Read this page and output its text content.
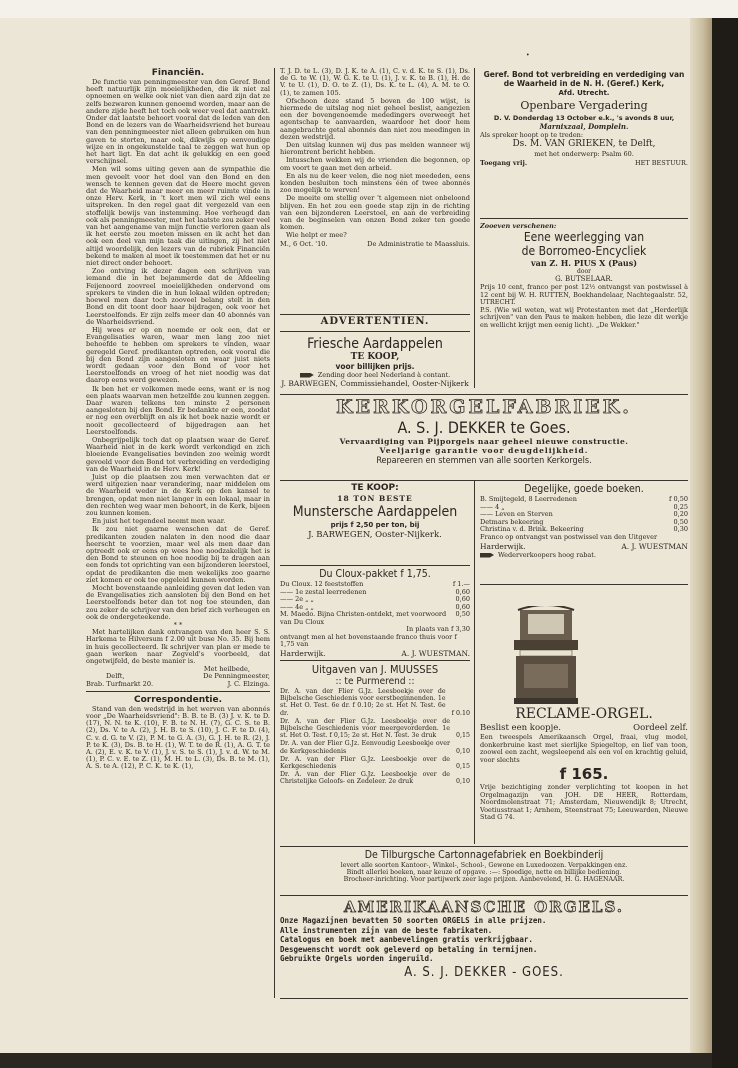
•
Financiën.
De functie van penningmeester van den Geref. Bond heeft natuurlijk zijn moeielijkheden, die ik niet zal opnoemen en welke ook niet van dien aard zijn dat ze zelfs bezwaren kunnen genoemd worden, maar aan de andere zijde heeft het toch ook weer veel dat aantrekt. Onder dat laatste behoort vooral dat de leden van den Bond en de lezers van de Waarheidsvriend het bureau van den penningmeester niet alleen gebruiken om hun gaven te storten, maar ook, dikwijls op eenvoudige wijze en in ongekunstelde taal te zeggen wat hun op het hart ligt. En dat acht ik gelukkig en een goed verschijnsel.
Men wil soms uiting geven aan de sympathie die men gevoelt voor het doel van den Bond en den wensch te kennen geven dat de Heere mocht geven dat de Waarheid maar meer en meer ruimte vinde in onze Herv. Kerk, in 't kort men wil zich wel eens uitspreken. In den regel gaat dit vergezeld van een stoffelijk bewijs van instemming. Hoe verheugd dan ook als penningmeester, met het laatste zou zeker veel van het aangename van mijn functie verloren gaan als ik het eerste zou moeten missen en ik acht het dan ook een deel van mijn taak die uitingen, zij het niet altijd woordelijk, den lezers van de rubriek Financiën bekend te maken al moet ik toestemmen dat het er nu niet direct onder behoort.
Zoo ontving ik dezer dagen een schrijven van iemand die in het bejammerde dat de Afdeeling Feijenoord zoovreel moeielijkheden ondervond om sprekers te vinden die in hun lokaal wilden optreden; hoewel men daar toch zooveel belang stelt in den Bond en dit toont door haar bijdragen, ook voor het Leerstoelfonds. Er zijn zelfs meer dan 40 abonnés van de Waarheidsvriend.
Hij wees er op en noemde er ook een, dat er Evangelisaties waren, waar men lang zoo niet behoefde te hebben om sprekers te vinden, waar geregeld Geref. predikanten optreden, ook vooral die bij den Bond zijn aangesloten en waar juist niets wordt gedaan voor den Bond of voor het Leerstoelfonds en vroeg of het niet noodig was dat daarop eens werd gewezen.
Ik ben het er volkomen mede eens, want er is nog een plaats waarvan men hetzelfde zou kunnen zeggen. Daar waren telkens ten minste 2 personen aangesloten bij den Bond. Er bedankte er een, zoodat er nog een overblijft en als ik het boek nazie wordt er nooit gecollecteerd of bijgedragen aan het Leerstoelfonds.
Onbegrijpelijk toch dat op plaatsen waar de Geref. Waarheid niet in de kerk wordt verkondigd en zich bloeiende Evangelisaties bevinden zoo weinig wordt gevoeld voor den Bond tot verbreiding en verdediging van de Waarheid in de Herv. Kerk!
Juist op die plaatsen zou men verwachten dat er werd uitgezien naar verandering, naar middelen om de Waarheid weder in de Kerk op den kansel te brengen, opdat men niet langer in een lokaal, maar in den rechten weg waar men behoort, in de Kerk, bijeen zou kunnen komen.
En juist het tegendeel neemt men waar.
Ik zou niet gaarne wenschen dat de Geref. predikanten zouden nalaten in den nood die daar heerscht te voorzien, maar wel als men daar dan optreedt ook er eens op wees hoe noodzakelijk het is den Bond te steunen en hoe noodig bij te dragen aan een fonds tot oprichting van een bijzonderen leerstoel, opdat de predikanten die men wekelijks zoo gaarne ziet komen er ook toe opgeleid kunnen worden.
Mocht bovenstaande aanleiding geven dat leden van de Evangelisaties zich aansloten bij den Bond en het Leerstoelfonds beter dan tot nog toe steunden, dan zou zeker de schrijver van den brief zich verheugen en ook de ondergeteekende.
* *
Met hartelijken dank ontvangen van den heer S. S. Harkema te Hilversum f 2.00 uit buse No. 35. Bij hem in huis gecollecteerd. Ik schrijver van plan er mede te gaan werken naar Zegveld's voorbeeld, dat ongetwijfeld, de beste manier is.
Met heilbede,
Delft,	De Penningmeester,
Brab. Turfmarkt 20.	J. C. Elzinga.
Correspondentie.
Stand van den wedstrijd in het werven van abonnés voor „De Waarheidsvriend": B. B. te B. (3) J. v. K. te D. (17), N. N. te K. (10), F. B. te N. H. (7), G. C. S. te B. (2), Ds. V. te A. (2), J. H. B. te S. (10), J. C. F. te D. (4), C. v. d. G. te V. (2), P. M. te G. A. (3), G. J. H. te R. (2), J. P. te K. (3), Ds. B. te H. (1), W. T. te de R. (1), A. G. T. te A. (2), E. v. K. te V. (1), J. v. S. te S. (1), J. v. d. W. te M. (1), P. C. v. E. te Z. (1), M. H. te L. (3), Ds. B. te M. (1), A. S. te A. (12), P. C. K. te K. (1),
T. J. D. te L. (3), D. J. K. te A. (1), C. v. d. K. te S. (1), Ds. de G. te W. (1), W. G. K. te U. (1), J. v. K. te B. (1), H. de V. te U. (1), D. O. te Z. (1), Ds. K. te L. (4), A. M. te O. (1), te zamen 105.
Ofschoon deze stand 5 boven de 100 wijst, is hiermede de uitslag nog niet geheel beslist, aangezien een der bovengenoemde mededingers overweegt het agentschap te aanvaarden, waardoor het door hem aangebrachte getal abonnés dan niet zou meedingen in dezen wedstrijd.
Den uitslag kunnen wij dus pas melden wanneer wij hieromtrent bericht hebben.
Intusschen wekken wij de vrienden die begonnen, op om voort te gaan met den arbeid.
En als nu de keer velen, die nog niet meededen, eens konden besluiten toch minstens één of twee abonnés zoo mogelijk te werven!
De moeite om stellig over 't algemeen niet onbeloond blijven. En het zou een goede stap zijn in de richting van een bijzonderen Leerstoel, en aan de verbreiding van de beginselen van onzen Bond zeker ten goede komen.
Wie helpt er mee?
M., 6 Oct. '10.	De Administratie te Maassluis.
ADVERTENTIËN.
Friesche Aardappelen
TE KOOP,
voor billijken prijs.
Zending door heel Nederland à contant.
J. BARWEGEN, Commissiehandel, Ooster-Nijkerk
Geref. Bond tot verbreiding en verdediging van
de Waarheid in de N. H. (Geref.) Kerk,
Afd. Utrecht.
Openbare Vergadering
D. V. Donderdag 13 October e.k., 's avonds 8 uur,
Marnixzaal, Dompleln.
Als spreker hoopt op te treden:
Ds. M. VAN GRIEKEN, te Delft,
met het onderwerp: Psalm 60.
Toegang vrij.	HET BESTUUR.
Zooeven verschenen:
Eene weerlegging van
de Borromeo-Encycliek
van Z. H. PIUS X (Paus)
door
G. BUTSELAAR.
Prijs 10 cent, franco per post 12½ ontvangst van postwissel à 12 cent bij W. H. RUTTEN, Boekhandelaar, Nachtegaalstr. 52, UTRECHT.
P.S. (Wie wil weten, wat wij Protestanten met dat „Herderlijk schrijven" van den Paus te maken hebben, die leze dit werkje en wellicht krijgt men eenig licht). „De Wekker."
KERKORGELFABRIEK.
A. S. J. DEKKER te Goes.
Vervaardiging van Pijporgels naar geheel nieuwe constructie.
Veeljarige garantie voor deugdelijkheid.
Repareeren en stemmen van alle soorten Kerkorgels.
TE KOOP:
18 TON BESTE
Munstersche Aardappelen
prijs f 2,50 per ton, bij
J. BARWEGEN, Ooster-Nijkerk.
Du Cloux-pakket f 1,75.
Du Cloux. 12 feeststoffen	f 1.—
—— 1e zestal leerredenen	0,60
—— 2e „ „	0,60
—— 4e „ „	0,60
M. Maedo. Bijna Christen-ontdekt, met voorwoord van Du Cloux
0,50
In plaats van f 3,30
ontvangt men al het bovenstaande franco thuis voor f 1,75 van
Harderwijk.	A. J. WUESTMAN.
Uitgaven van J. MUUSSES
:: te Purmerend ::
Dr. A. van der Flier G.Jz. Leesboekje over de Bijbelsche Geschiedenis voor eerstbeginnenden. 1e st. Het O. Test. 6e dr. f 0.10; 2e st. Het N. Test. 6e dr.	f 0.10
Dr. A. van der Flier G.Jz. Leesboekje over de Bijbelsche Geschiedenis voor meergevorderden. 1e st. Het O. Test. f 0,15; 2e st. Het N. Test. 3e druk	0,15
Dr. A. van der Flier G.Jz. Eenvoudig Leesboekje over de Kerkgeschiedenis	0,10
Dr. A. van der Flier G.Jz. Leesboekje over de Kerkgeschiedenis	0,15
Dr. A. van der Flier G.Jz. Leesboekje over de Christelijke Geloofs- en Zedeleer. 2e druk	0,10
Degelijke, goede boeken.
B. Smijtegeld, 8 Leerredenen	f 0,50
—— 4 „	0,25
—— Leven en Sterven	0,20
Detmars bekeering	0,50
Christina v. d. Brink. Bekeering	0,30
Franco op ontvangst van postwissel van den Uitgever
Harderwijk.	A. J. WUESTMAN
Wederverkoopers hoog rabat.
RECLAME-ORGEL.
Beslist een koopje.	Oordeel zelf.
Een tweespels Amerikaansch Orgel, fraai, vlug model, donkerbruine kast met sierlijke Spiegeltop, en lief van toon, zoowel een zacht, wegsleepend als een vol en krachtig geluid, voor slechts
f 165.
Vrije bezichtiging zonder verplichting tot koopen in het Orgelmagazijn van JOH. DE HEER, Rotterdam, Noordmolenstraat 71; Amsterdam, Nieuwendijk 8; Utrecht, Voetiusstraat 1; Arnhem, Steenstraat 75; Leeuwarden, Nieuwe Stad G 74.
De Tilburgsche Cartonnagefabriek en Boekbinderij
levert alle soorten Kantoor-, Winkel-, School-, Gewone en Luxedoozen. Verpakkingen enz.
Bindt allerlei boeken, naar keuze of opgave. :—: Spoedige, nette en billijke bediening.
Brocheer-inrichting. Voor partijwerk zeer lage prijzen. Aanbevelend, H. G. HAGENAAR.
AMERIKAANSCHE ORGELS.
Onze Magazijnen bevatten 50 soorten ORGELS in alle prijzen.
Alle instrumenten zijn van de beste fabrikaten.
Catalogus en boek met aanbevelingen gratis verkrijgbaar.
Desgewenscht wordt ook geleverd op betaling in termijnen.
Gebruikte Orgels worden ingeruild.
A. S. J. DEKKER - GOES.
